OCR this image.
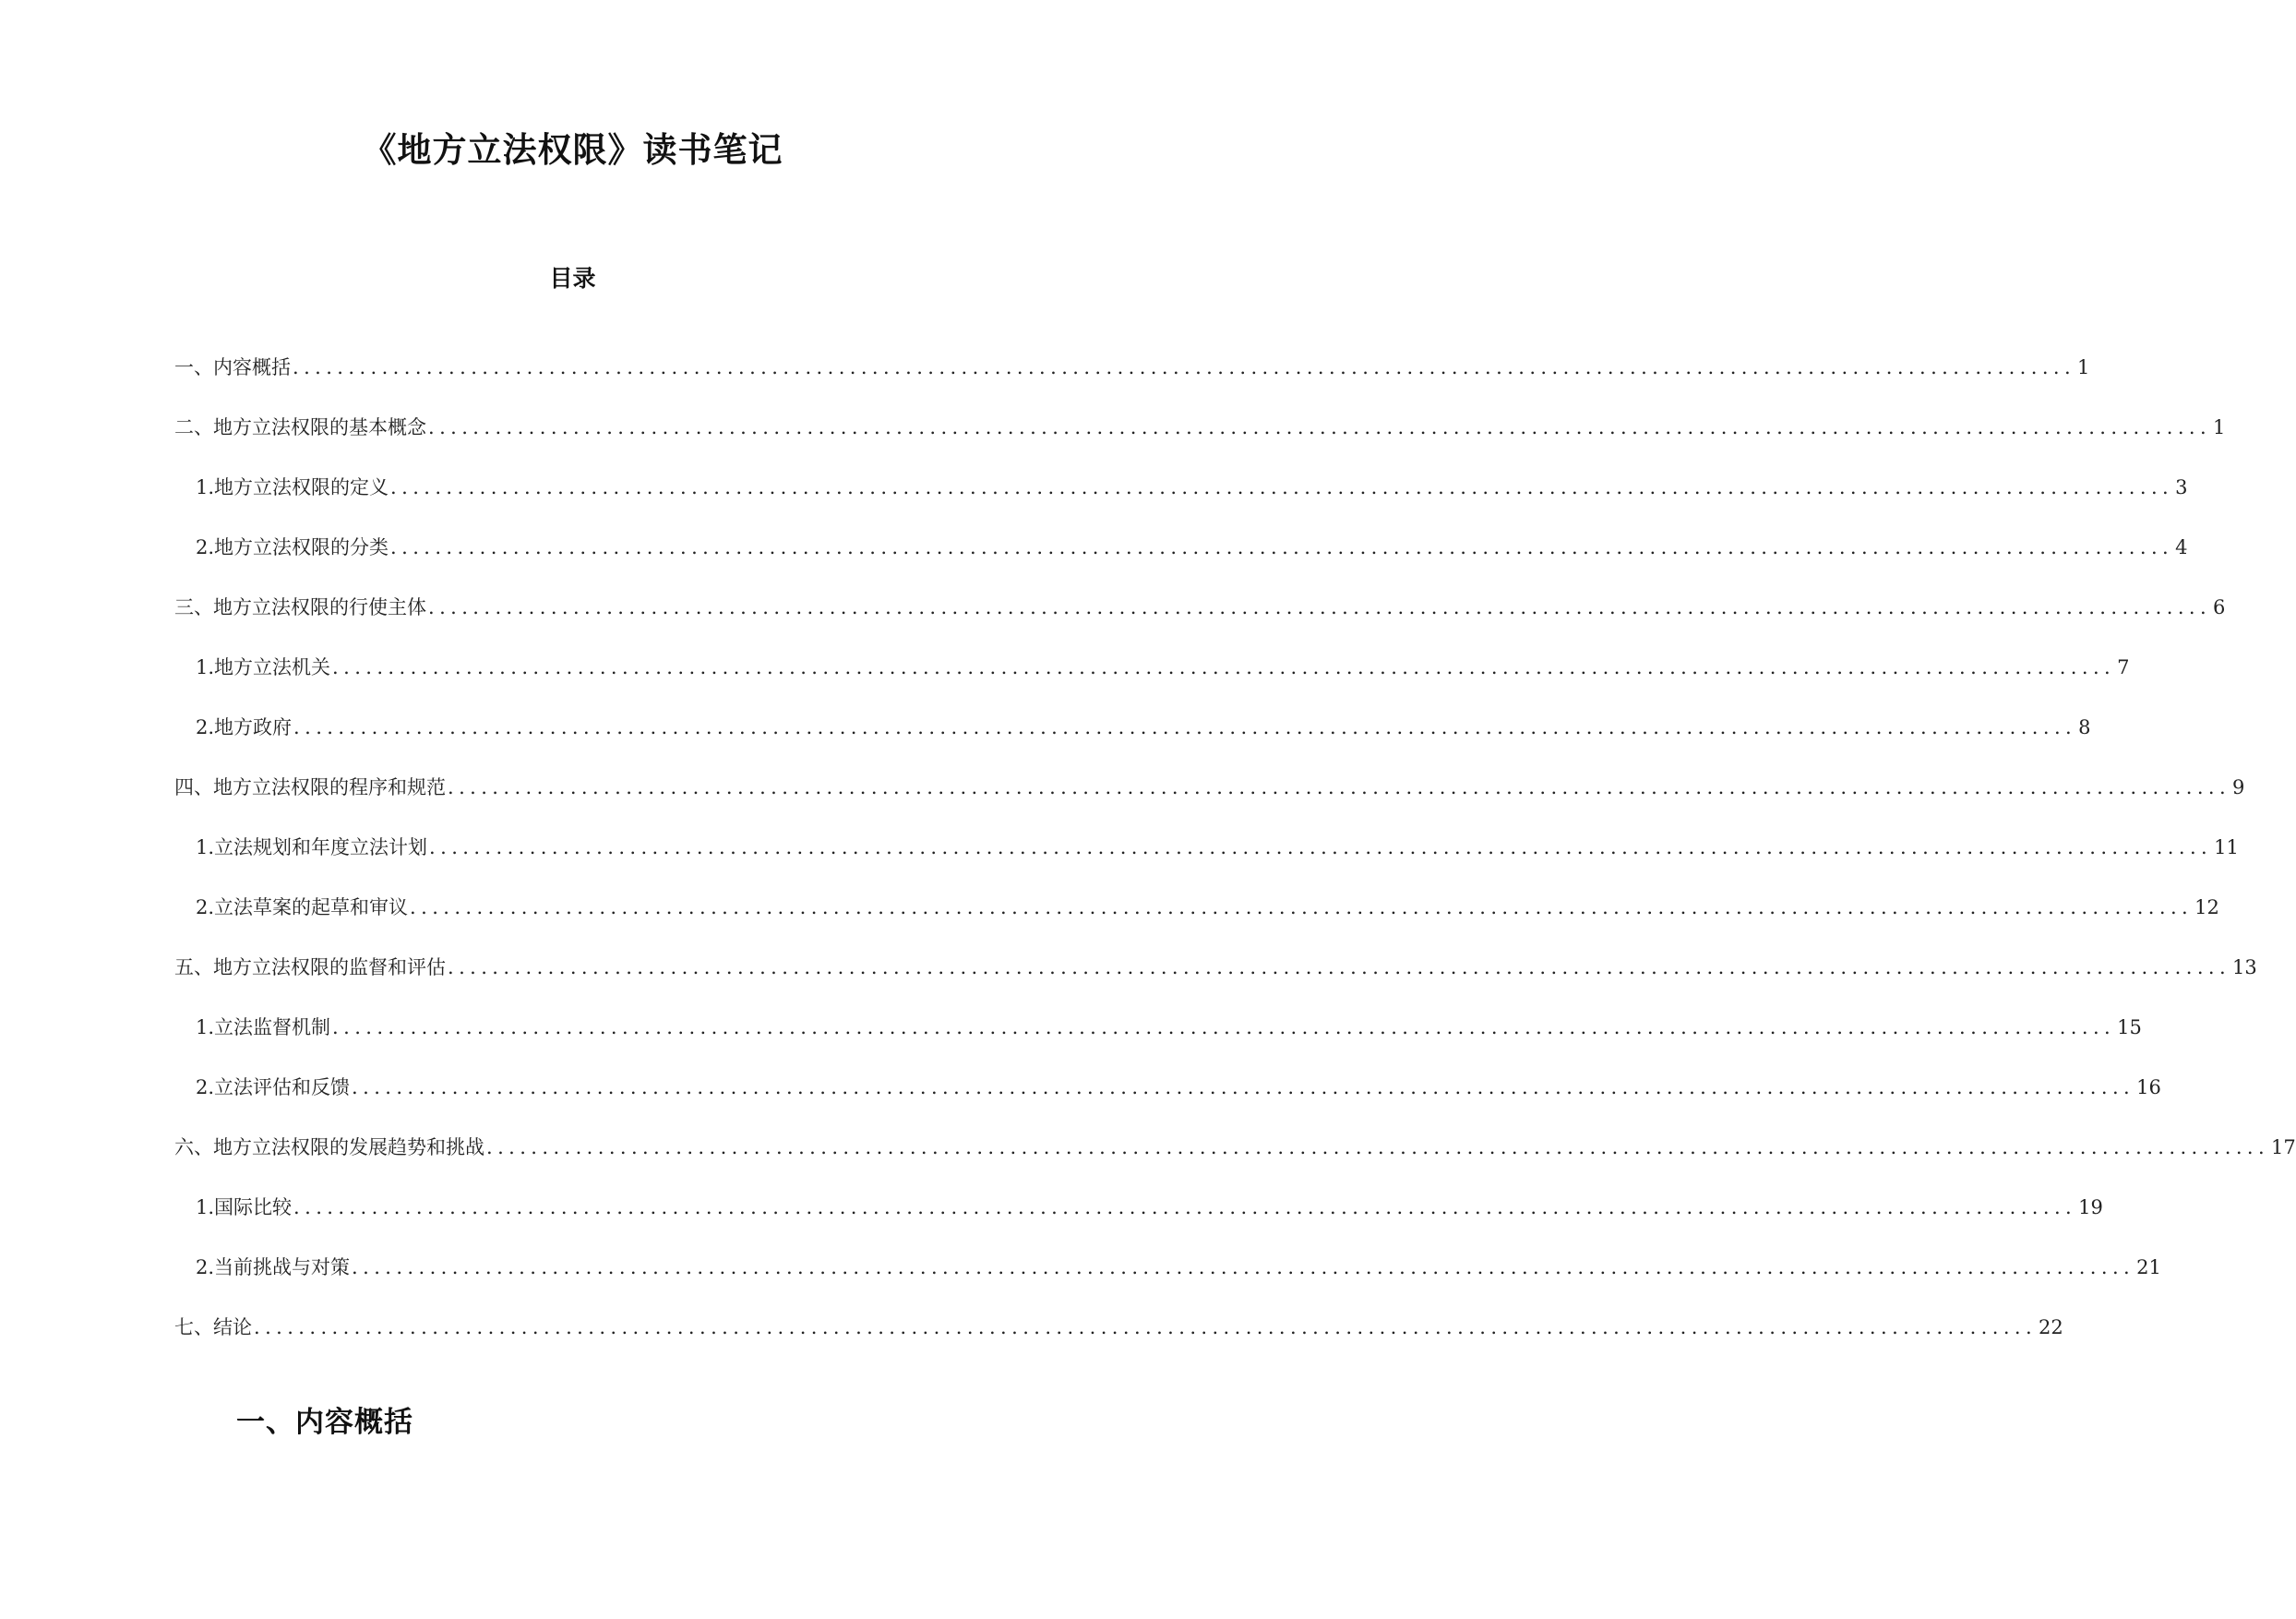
《地方立法权限》读书笔记
目录
一、内容概括 ................................................................................................................................................................ 1
二、地方立法权限的基本概念 ................................................................................................................................................................ 1
1. 地方立法权限的定义 ................................................................................................................................................................ 3
2. 地方立法权限的分类 ................................................................................................................................................................ 4
三、地方立法权限的行使主体 ................................................................................................................................................................ 6
1. 地方立法机关 ................................................................................................................................................................ 7
2. 地方政府 ................................................................................................................................................................ 8
四、地方立法权限的程序和规范 ................................................................................................................................................................ 9
1. 立法规划和年度立法计划 ................................................................................................................................................................ 11
2. 立法草案的起草和审议 ................................................................................................................................................................ 12
五、地方立法权限的监督和评估 ................................................................................................................................................................ 13
1. 立法监督机制 ................................................................................................................................................................ 15
2. 立法评估和反馈 ................................................................................................................................................................ 16
六、地方立法权限的发展趋势和挑战 ................................................................................................................................................................ 17
1. 国际比较 ................................................................................................................................................................ 19
2. 当前挑战与对策 ................................................................................................................................................................ 21
七、结论 ................................................................................................................................................................ 22
一、内容概括
